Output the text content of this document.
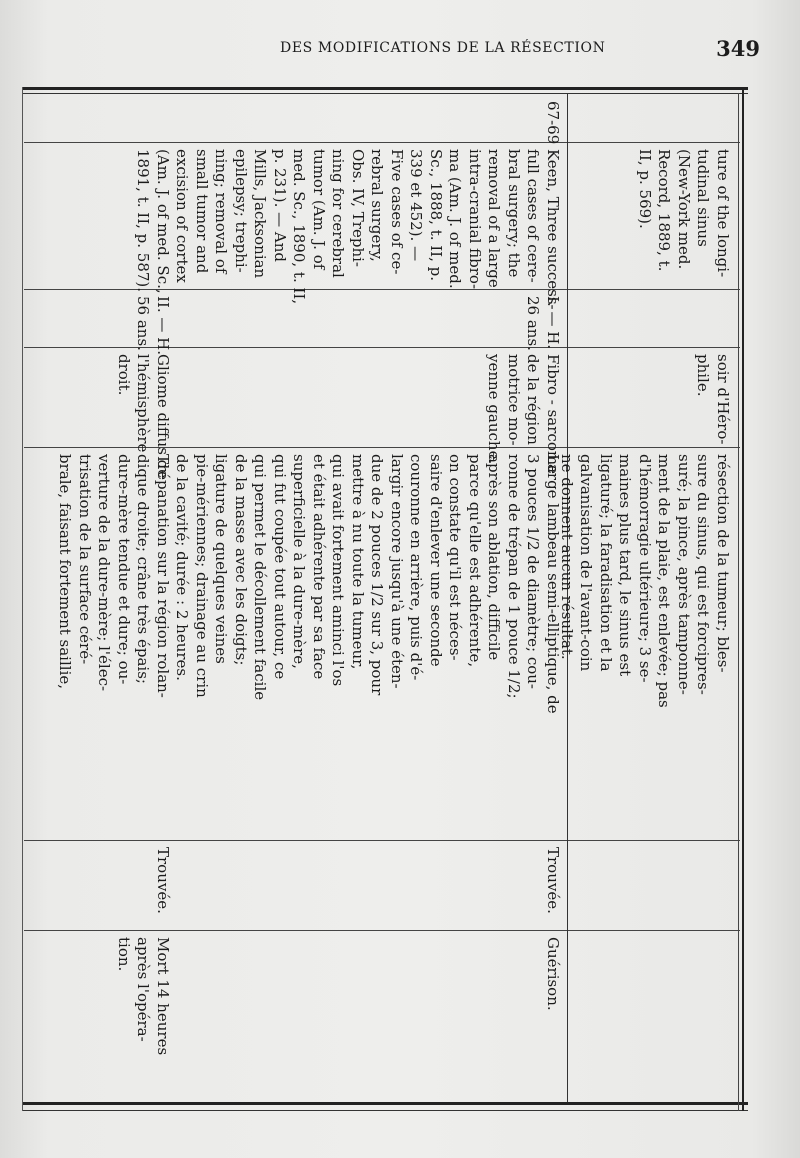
DES MODIFICATIONS DE LA RÉSECTION	349
ture of the longi-
tudinal sinus
(New-York med.
Record, 1889, t.
II, p. 569).
soir d'Héro-
phile.
résection de la tumeur; bles-
sure du sinus, qui est forcipres-
suré; la pince, après tamponne-
ment de la plaie, est enlevée; pas
d'hémorragie ultérieure; 3 se-
maines plus tard, le sinus est
ligaturé; la faradisation et la
galvanisation de l'avant-coin
ne donnent aucun résultat.
67-69
Keen, Three success-
full cases of cere-
bral surgery; the
removal of a large
intra-cranial fibro-
ma (Am. J. of med.
Sc., 1888, t. II, p.
339 et 452). —
Five cases of ce-
rebral surgery,
Obs. IV, Trephi-
ning for cerebral
tumor (Am. J. of
med. Sc., 1890, t. II,
p. 231). — And
Mills, Jacksonian
epilepsy; trephi-
ning; removal of
small tumor and
excision of cortex
(Am. J. of med. Sc.,
1891, t. II, p. 587).
I. — H.
26 ans.
Fibro - sarcome
de la région
motrice mo-
yenne gauche.
Large lambeau semi-elliptique, de
3 pouces 1/2 de diamètre; cou-
ronne de trépan de 1 pouce 1/2;
après son ablation, difficile
parce qu'elle est adhérente,
on constate qu'il est néces-
saire d'enlever une seconde
couronne en arrière, puis d'é-
largir encore jusqu'à une éten-
due de 2 pouces 1/2 sur 3, pour
mettre à nu toute la tumeur,
qui avait fortement aminci l'os
et était adhérente par sa face
superficielle à la dure-mère,
qui fut coupée tout autour, ce
qui permet le décollement facile
de la masse avec les doigts;
ligature de quelques veines
pie-mériennes; drainage au crin
de la cavité; durée : 2 heures.
Trouvée.
Guérison.
II. — H.
56 ans.
Gliome diffus de
l'hémisphère
droit.
Trépanation sur la région rolan-
dique droite; crâne très épais;
dure-mère tendue et dure; ou-
verture de la dure-mère; l'élec-
trisation de la surface céré-
brale, faisant fortement saillie,
Trouvée.
Mort 14 heures
après l'opéra-
tion.
